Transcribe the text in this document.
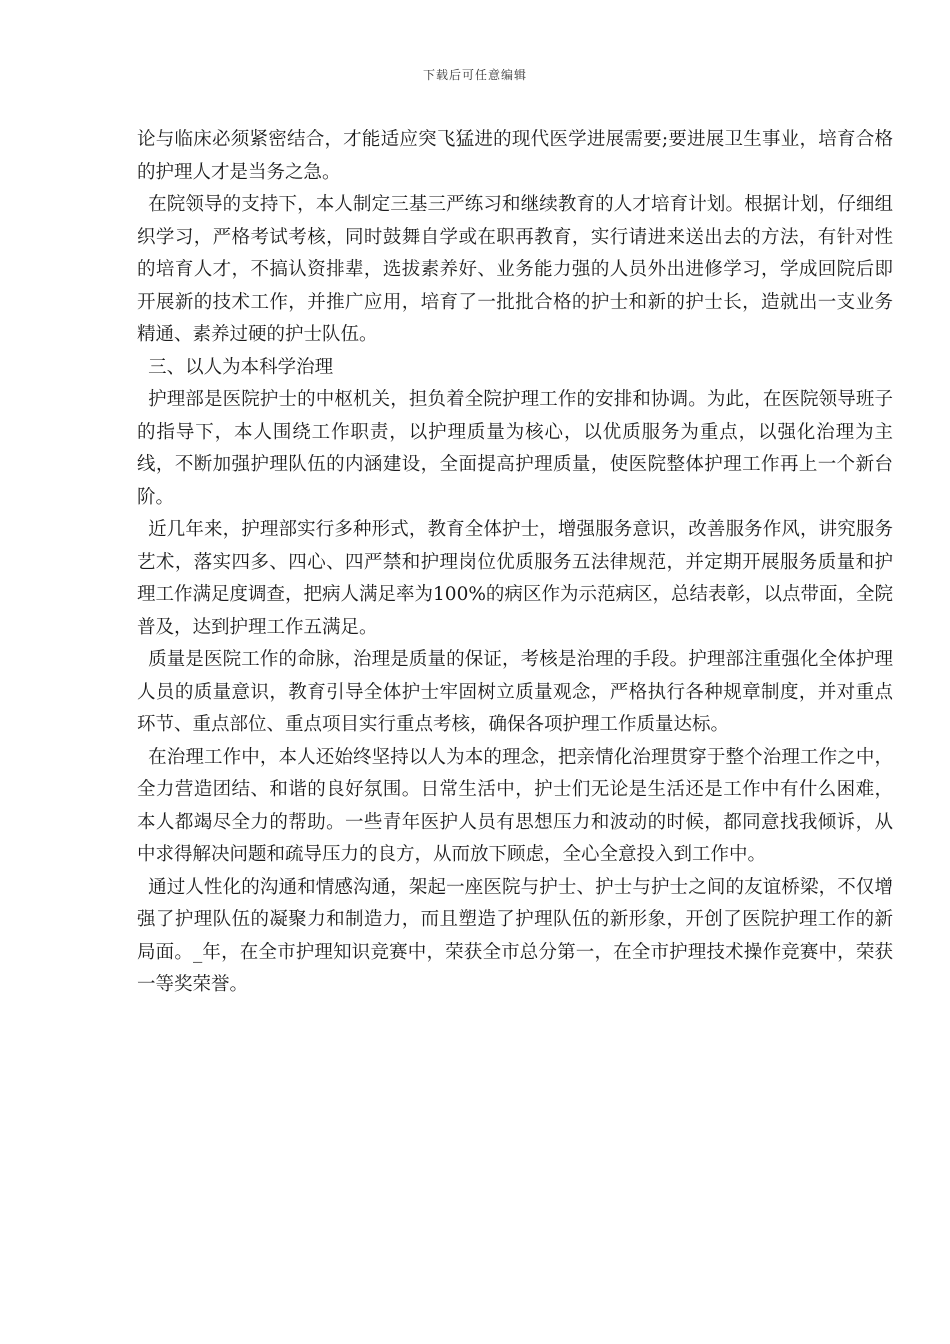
下载后可任意编辑

论与临床必须紧密结合，才能适应突飞猛进的现代医学进展需要;要进展卫生事业，培育合格的护理人才是当务之急。

在院领导的支持下，本人制定三基三严练习和继续教育的人才培育计划。根据计划，仔细组织学习，严格考试考核，同时鼓舞自学或在职再教育，实行请进来送出去的方法，有针对性的培育人才，不搞认资排辈，选拔素养好、业务能力强的人员外出进修学习，学成回院后即开展新的技术工作，并推广应用，培育了一批批合格的护士和新的护士长，造就出一支业务精通、素养过硬的护士队伍。

三、以人为本科学治理

护理部是医院护士的中枢机关，担负着全院护理工作的安排和协调。为此，在医院领导班子的指导下，本人围绕工作职责，以护理质量为核心，以优质服务为重点，以强化治理为主线，不断加强护理队伍的内涵建设，全面提高护理质量，使医院整体护理工作再上一个新台阶。

近几年来，护理部实行多种形式，教育全体护士，增强服务意识，改善服务作风，讲究服务艺术，落实四多、四心、四严禁和护理岗位优质服务五法律规范，并定期开展服务质量和护理工作满足度调查，把病人满足率为100%的病区作为示范病区，总结表彰，以点带面，全院普及，达到护理工作五满足。

质量是医院工作的命脉，治理是质量的保证，考核是治理的手段。护理部注重强化全体护理人员的质量意识，教育引导全体护士牢固树立质量观念，严格执行各种规章制度，并对重点环节、重点部位、重点项目实行重点考核，确保各项护理工作质量达标。

在治理工作中，本人还始终坚持以人为本的理念，把亲情化治理贯穿于整个治理工作之中，全力营造团结、和谐的良好氛围。日常生活中，护士们无论是生活还是工作中有什么困难，本人都竭尽全力的帮助。一些青年医护人员有思想压力和波动的时候，都同意找我倾诉，从中求得解决问题和疏导压力的良方，从而放下顾虑，全心全意投入到工作中。

通过人性化的沟通和情感沟通，架起一座医院与护士、护士与护士之间的友谊桥梁，不仅增强了护理队伍的凝聚力和制造力，而且塑造了护理队伍的新形象，开创了医院护理工作的新局面。_年，在全市护理知识竞赛中，荣获全市总分第一，在全市护理技术操作竞赛中，荣获一等奖荣誉。
